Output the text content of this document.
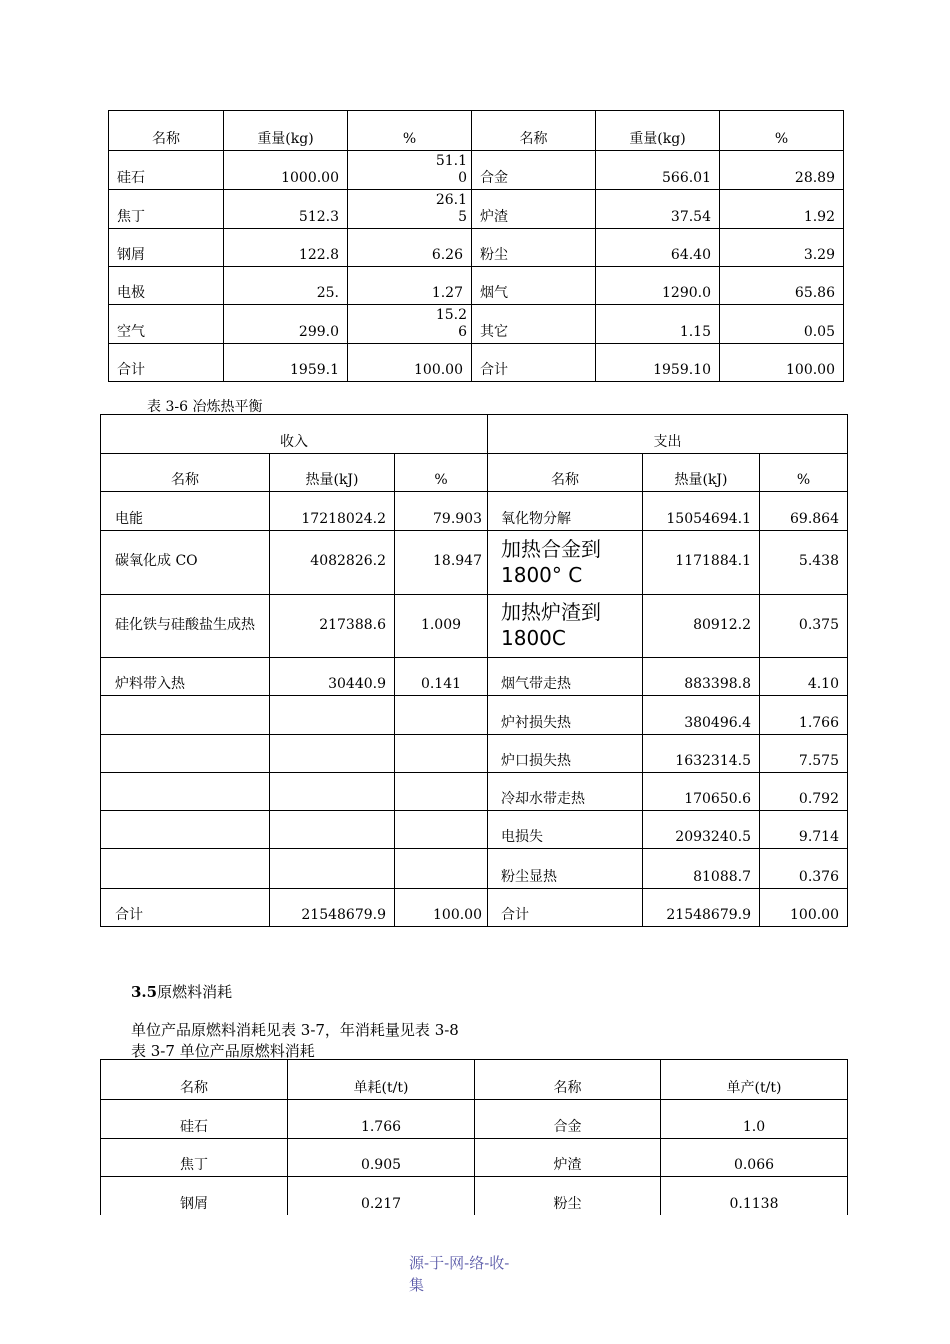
名称	重量(kg)	%	名称	重量(kg)	%
硅石	1000.00	51.10	合金	566.01	28.89
焦丁	512.3	26.15	炉渣	37.54	1.92
钢屑	122.8	6.26	粉尘	64.40	3.29
电极	25.	1.27	烟气	1290.0	65.86
空气	299.0	15.26	其它	1.15	0.05
合计	1959.1	100.00	合计	1959.10	100.00
表 3-6 冶炼热平衡
收入			支出		
名称	热量(kJ)	%	名称	热量(kJ)	%
电能	17218024.2	79.903	氧化物分解	15054694.1	69.864
碳氧化成 CO	4082826.2	18.947	加热合金到1800° C	1171884.1	5.438
硅化铁与硅酸盐生成热	217388.6	1.009	加热炉渣到1800C	80912.2	0.375
炉料带入热	30440.9	0.141	烟气带走热	883398.8	4.10
			炉衬损失热	380496.4	1.766
			炉口损失热	1632314.5	7.575
			冷却水带走热	170650.6	0.792
			电损失	2093240.5	9.714
			粉尘显热	81088.7	0.376
合计	21548679.9	100.00	合计	21548679.9	100.00
3.5原燃料消耗
单位产品原燃料消耗见表 3-7，年消耗量见表 3-8
表 3-7 单位产品原燃料消耗
名称	单耗(t/t)	名称	单产(t/t)
硅石	1.766	合金	1.0
焦丁	0.905	炉渣	0.066
钢屑	0.217	粉尘	0.1138
源-于-网-络-收-
集
